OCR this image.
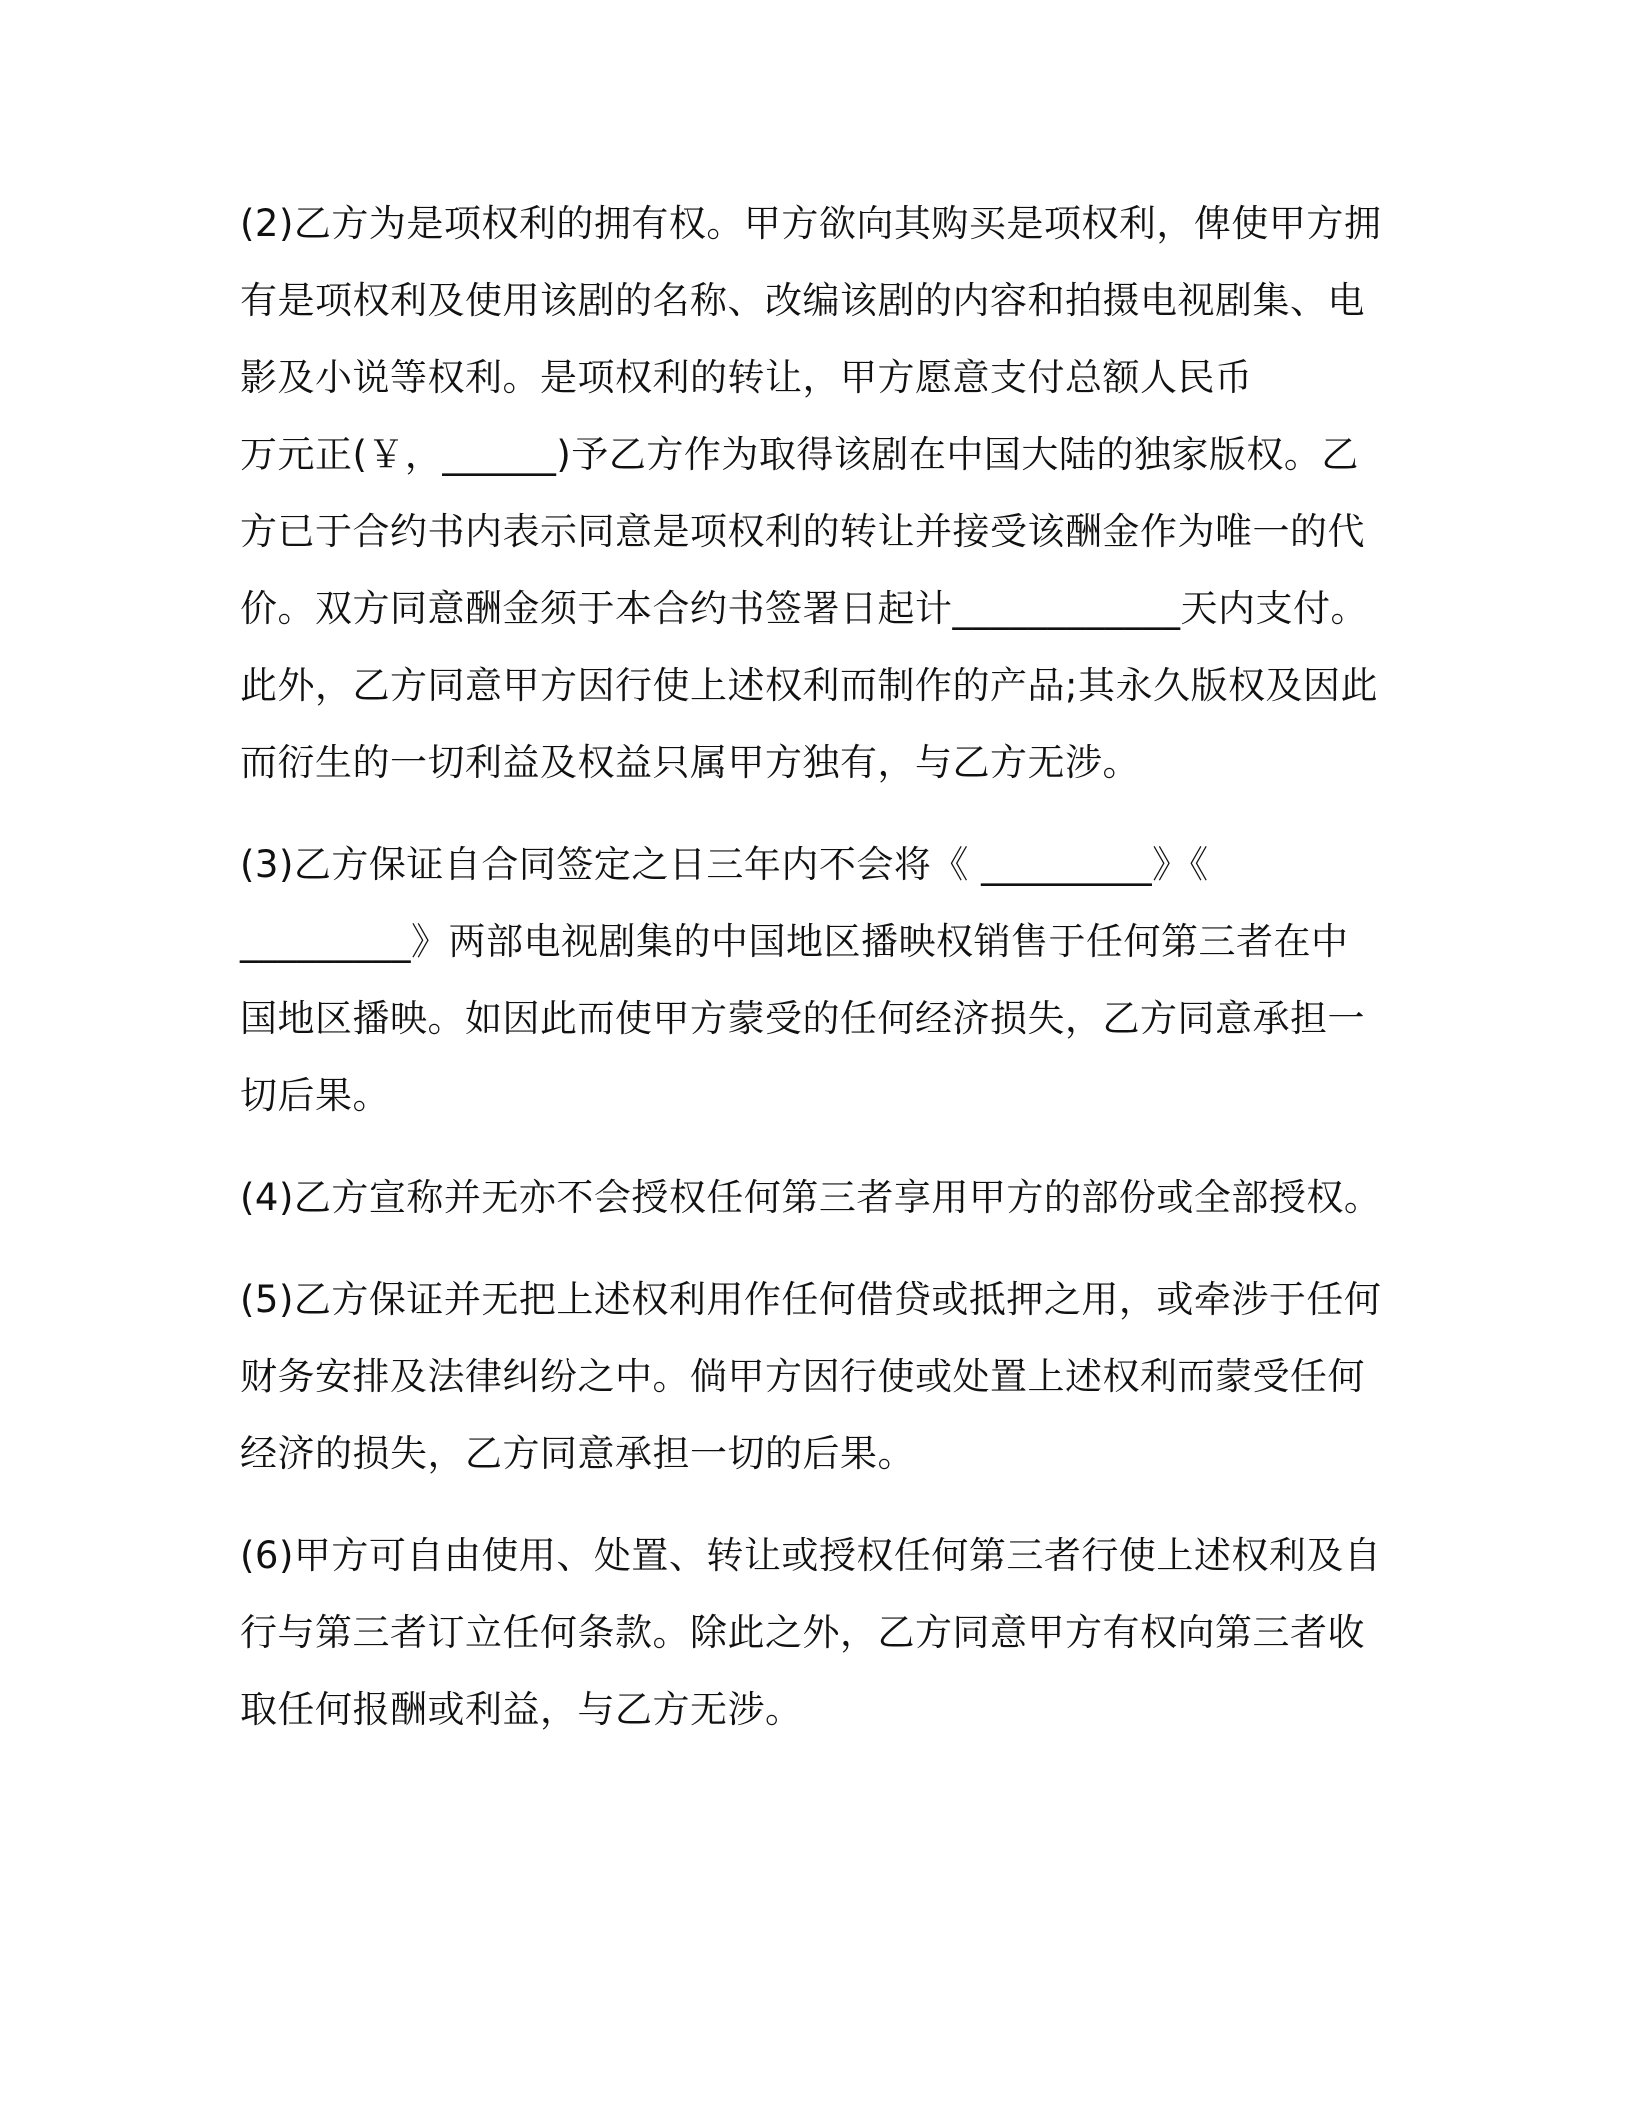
(2)乙方为是项权利的拥有权。甲方欲向其购买是项权利，俾使甲方拥
有是项权利及使用该剧的名称、改编该剧的内容和拍摄电视剧集、电
影及小说等权利。是项权利的转让，甲方愿意支付总额人民币
万元正(￥，______)予乙方作为取得该剧在中国大陆的独家版权。乙
方已于合约书内表示同意是项权利的转让并接受该酬金作为唯一的代
价。双方同意酬金须于本合约书签署日起计____________天内支付。
此外，乙方同意甲方因行使上述权利而制作的产品;其永久版权及因此
而衍生的一切利益及权益只属甲方独有，与乙方无涉。
(3)乙方保证自合同签定之日三年内不会将《 _________》《
_________》两部电视剧集的中国地区播映权销售于任何第三者在中
国地区播映。如因此而使甲方蒙受的任何经济损失，乙方同意承担一
切后果。
(4)乙方宣称并无亦不会授权任何第三者享用甲方的部份或全部授权。
(5)乙方保证并无把上述权利用作任何借贷或抵押之用，或牵涉于任何
财务安排及法律纠纷之中。倘甲方因行使或处置上述权利而蒙受任何
经济的损失，乙方同意承担一切的后果。
(6)甲方可自由使用、处置、转让或授权任何第三者行使上述权利及自
行与第三者订立任何条款。除此之外，乙方同意甲方有权向第三者收
取任何报酬或利益，与乙方无涉。
